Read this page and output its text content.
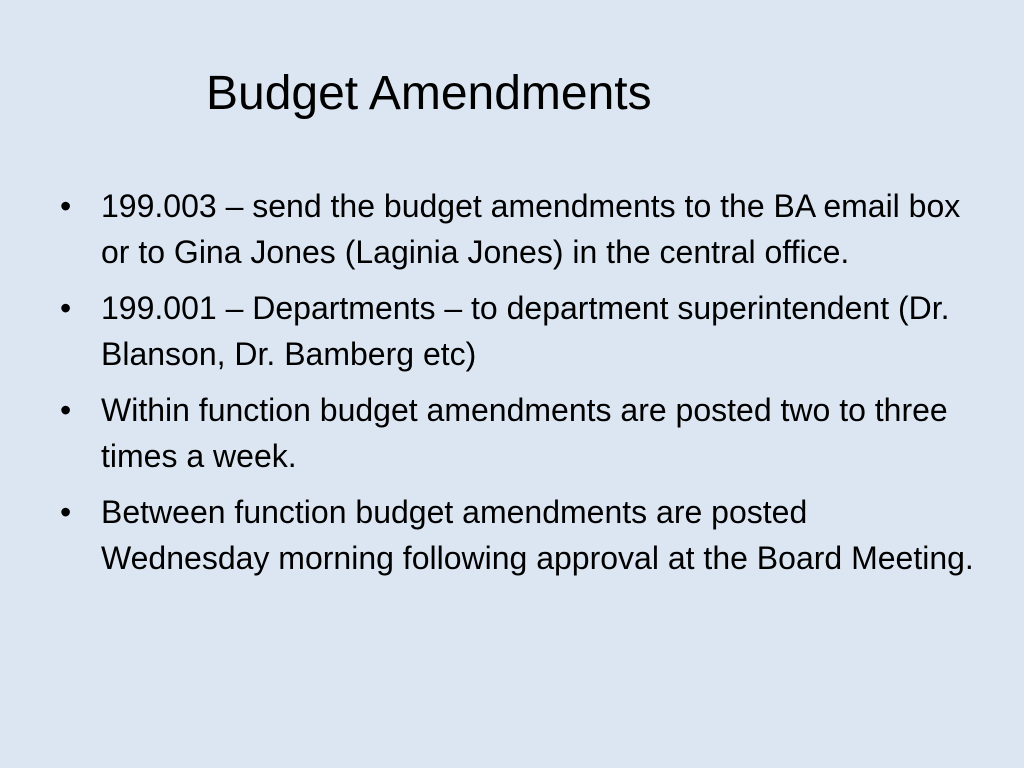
Budget Amendments
• 199.003 – send the budget amendments to the BA email box or to Gina Jones (Laginia Jones) in the central office.
• 199.001 – Departments – to department superintendent (Dr. Blanson, Dr. Bamberg etc)
• Within function budget amendments are posted two to three times a week.
• Between function budget amendments are posted Wednesday morning following approval at the Board Meeting.
